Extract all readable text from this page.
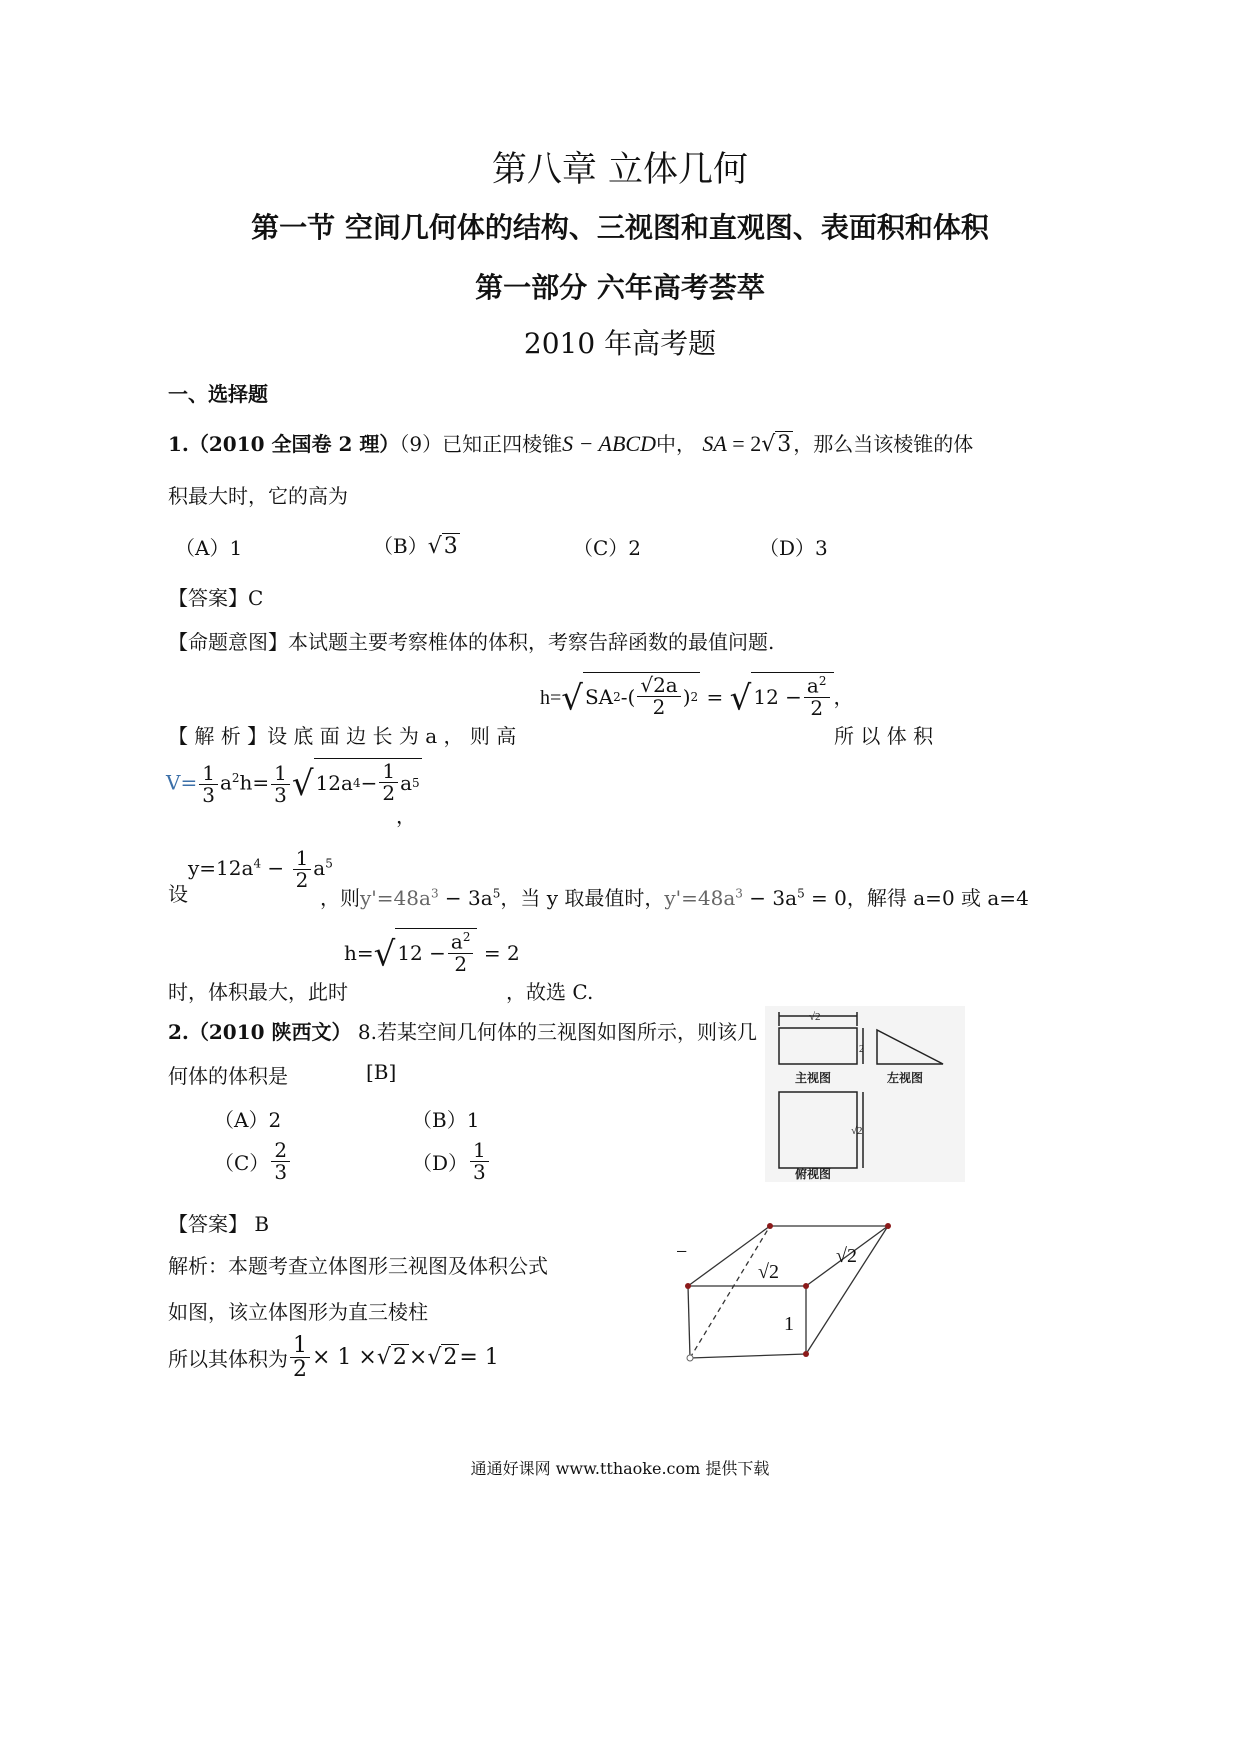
第八章 立体几何
第一节 空间几何体的结构、三视图和直观图、表面积和体积
第一部分 六年高考荟萃
2010 年高考题
一、选择题
1.（2010 全国卷 2 理）（9）已知正四棱锥S − ABCD中， SA = 2√3 ，那么当该棱锥的体
积最大时，它的高为
（A）1	（B）√3	（C）2	（D）3
【答案】C
【命题意图】本试题主要考察椎体的体积，考察告辞函数的最值问题.
【 解 析 】设 底 面 边 长 为 a ， 则 高
h=√ SA 2 -( $\frac{√2a}{2}$ ) 2 = √ $12 - \frac{a^2}{2}$ ，
所 以 体 积
$V= \frac{1}{3} a^2h= \frac{1}{3}$ √ 12a $4 - \frac{1}{2}$ a 5
，
设$y=12a^4 - \frac{1}{2} a^5$
，则$y'=48a^3 - 3a^5$，当 y 取最值时，$y'=48a^3 - 3a^5 = 0$，解得 a=0 或 a=4
时，体积最大，此时
h=√ $12 - \frac{a^2}{2} = 2$
，故选 C.
2.（2010 陕西文） 8.若某空间几何体的三视图如图所示，则该几
何体的体积是	[B]
（A）2	（B）1
$(C) \frac{2}{3}$	$(D) \frac{1}{3}$
√2
2
√2
主视图	左视图
俯视图
【答案】 B
解析：本题考查立体图形三视图及体积公式
如图，该立体图形为直三棱柱
所以其体积为 $\frac{1}{2} \times 1 \times √2 \times √2 = 1$
−
√2
√2
1
通通好课网 www.tthaoke.com 提供下载
